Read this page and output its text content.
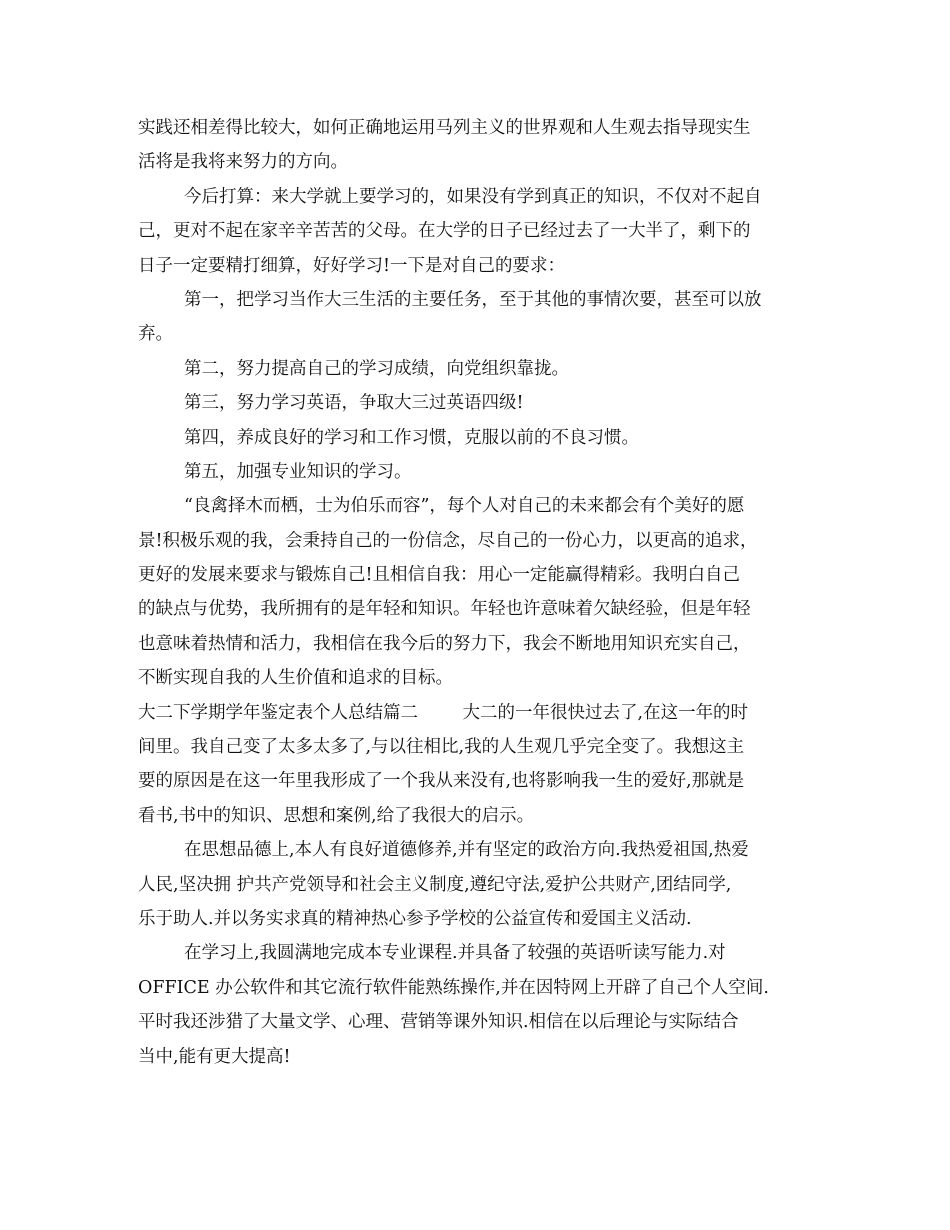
实践还相差得比较大，如何正确地运用马列主义的世界观和人生观去指导现实生
活将是我将来努力的方向。
今后打算：来大学就上要学习的，如果没有学到真正的知识，不仅对不起自
己，更对不起在家辛辛苦苦的父母。在大学的日子已经过去了一大半了，剩下的
日子一定要精打细算，好好学习!一下是对自己的要求：
第一，把学习当作大三生活的主要任务，至于其他的事情次要，甚至可以放
弃。
第二，努力提高自己的学习成绩，向党组织靠拢。
第三，努力学习英语，争取大三过英语四级!
第四，养成良好的学习和工作习惯，克服以前的不良习惯。
第五，加强专业知识的学习。
“良禽择木而栖，士为伯乐而容”，每个人对自己的未来都会有个美好的愿
景!积极乐观的我，会秉持自己的一份信念，尽自己的一份心力，以更高的追求，
更好的发展来要求与锻炼自己!且相信自我：用心一定能赢得精彩。我明白自己
的缺点与优势，我所拥有的是年轻和知识。年轻也许意味着欠缺经验，但是年轻
也意味着热情和活力，我相信在我今后的努力下，我会不断地用知识充实自己，
不断实现自我的人生价值和追求的目标。
大二下学期学年鉴定表个人总结篇二        大二的一年很快过去了,在这一年的时
间里。我自己变了太多太多了,与以往相比,我的人生观几乎完全变了。我想这主
要的原因是在这一年里我形成了一个我从来没有,也将影响我一生的爱好,那就是
看书,书中的知识、思想和案例,给了我很大的启示。
在思想品德上,本人有良好道德修养,并有坚定的政治方向.我热爱祖国,热爱
人民,坚决拥 护共产党领导和社会主义制度,遵纪守法,爱护公共财产,团结同学,
乐于助人.并以务实求真的精神热心参予学校的公益宣传和爱国主义活动.
在学习上,我圆满地完成本专业课程.并具备了较强的英语听读写能力.对
OFFICE 办公软件和其它流行软件能熟练操作,并在因特网上开辟了自己个人空间.
平时我还涉猎了大量文学、心理、营销等课外知识.相信在以后理论与实际结合
当中,能有更大提高!
